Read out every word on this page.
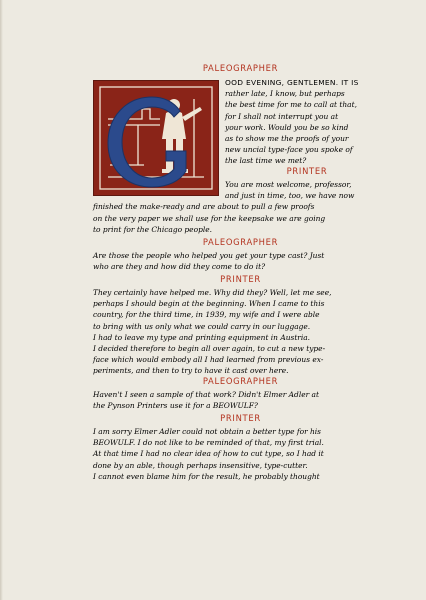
PALEOGRAPHER

OOD EVENING, GENTLEMEN. IT IS
rather late, I know, but perhaps
the best time for me to call at that,
for I shall not interrupt you at
your work. Would you be so kind
as to show me the proofs of your
new uncial type-face you spoke of
the last time we met?

PRINTER

You are most welcome, professor,
and just in time, too, we have now
finished the make-ready and are about to pull a few proofs
on the very paper we shall use for the keepsake we are going
to print for the Chicago people.

PALEOGRAPHER

Are those the people who helped you get your type cast? Just
who are they and how did they come to do it?

PRINTER

They certainly have helped me. Why did they? Well, let me see,
perhaps I should begin at the beginning. When I came to this
country, for the third time, in 1939, my wife and I were able
to bring with us only what we could carry in our luggage.
I had to leave my type and printing equipment in Austria.
I decided therefore to begin all over again, to cut a new type-
face which would embody all I had learned from previous ex-
periments, and then to try to have it cast over here.

PALEOGRAPHER

Haven't I seen a sample of that work? Didn't Elmer Adler at
the Pynson Printers use it for a BEOWULF?

PRINTER

I am sorry Elmer Adler could not obtain a better type for his
BEOWULF. I do not like to be reminded of that, my first trial.
At that time I had no clear idea of how to cut type, so I had it
done by an able, though perhaps insensitive, type-cutter.
I cannot even blame him for the result, he probably thought
